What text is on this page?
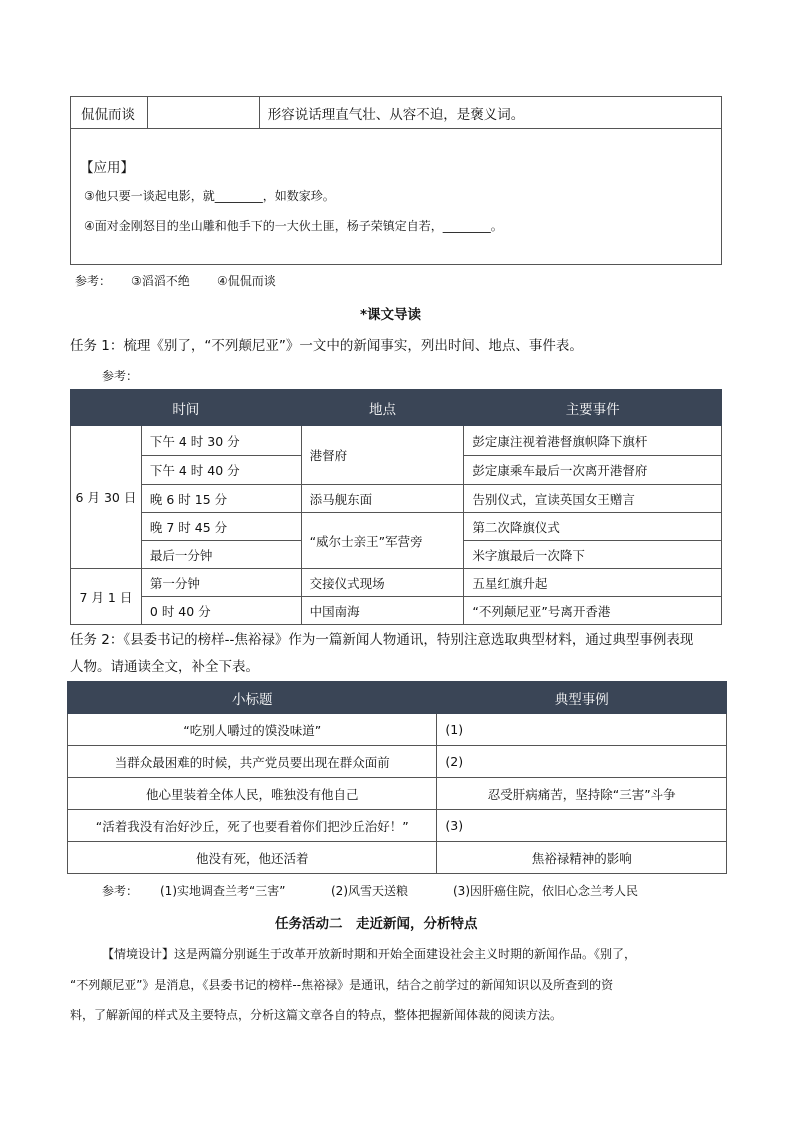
侃侃而谈		形容说话理直气壮、从容不迫，是褒义词。

【应用】
③他只要一谈起电影，就________，如数家珍。
④面对金刚怒目的坐山雕和他手下的一大伙土匪，杨子荣镇定自若，________。
参考： ③滔滔不绝 ④侃侃而谈
*课文导读
任务 1：梳理《别了，“不列颠尼亚”》一文中的新闻事实，列出时间、地点、事件表。
参考：
时间		地点	主要事件
6 月 30 日	下午 4 时 30 分	港督府	彭定康注视着港督旗帜降下旗杆
	下午 4 时 40 分		彭定康乘车最后一次离开港督府
	晚 6 时 15 分	添马舰东面	告别仪式，宣读英国女王赠言
	晚 7 时 45 分	“威尔士亲王”军营旁	第二次降旗仪式
	最后一分钟		米字旗最后一次降下
7 月 1 日	第一分钟	交接仪式现场	五星红旗升起
	0 时 40 分	中国南海	“不列颠尼亚”号离开香港
任务 2：《县委书记的榜样--焦裕禄》作为一篇新闻人物通讯，特别注意选取典型材料，通过典型事例表现
人物。请通读全文，补全下表。
小标题	典型事例
“吃别人嚼过的馍没味道”	(1)
当群众最困难的时候，共产党员要出现在群众面前	(2)
他心里装着全体人民，唯独没有他自己	忍受肝病痛苦，坚持除“三害”斗争
“活着我没有治好沙丘，死了也要看着你们把沙丘治好！”	(3)
他没有死，他还活着	焦裕禄精神的影响
参考： (1)实地调查兰考“三害”	(2)风雪天送粮	(3)因肝癌住院，依旧心念兰考人民
任务活动二　走近新闻，分析特点
【情境设计】这是两篇分别诞生于改革开放新时期和开始全面建设社会主义时期的新闻作品。《别了，
“不列颠尼亚”》是消息，《县委书记的榜样--焦裕禄》是通讯，结合之前学过的新闻知识以及所查到的资
料，了解新闻的样式及主要特点，分析这篇文章各自的特点，整体把握新闻体裁的阅读方法。
